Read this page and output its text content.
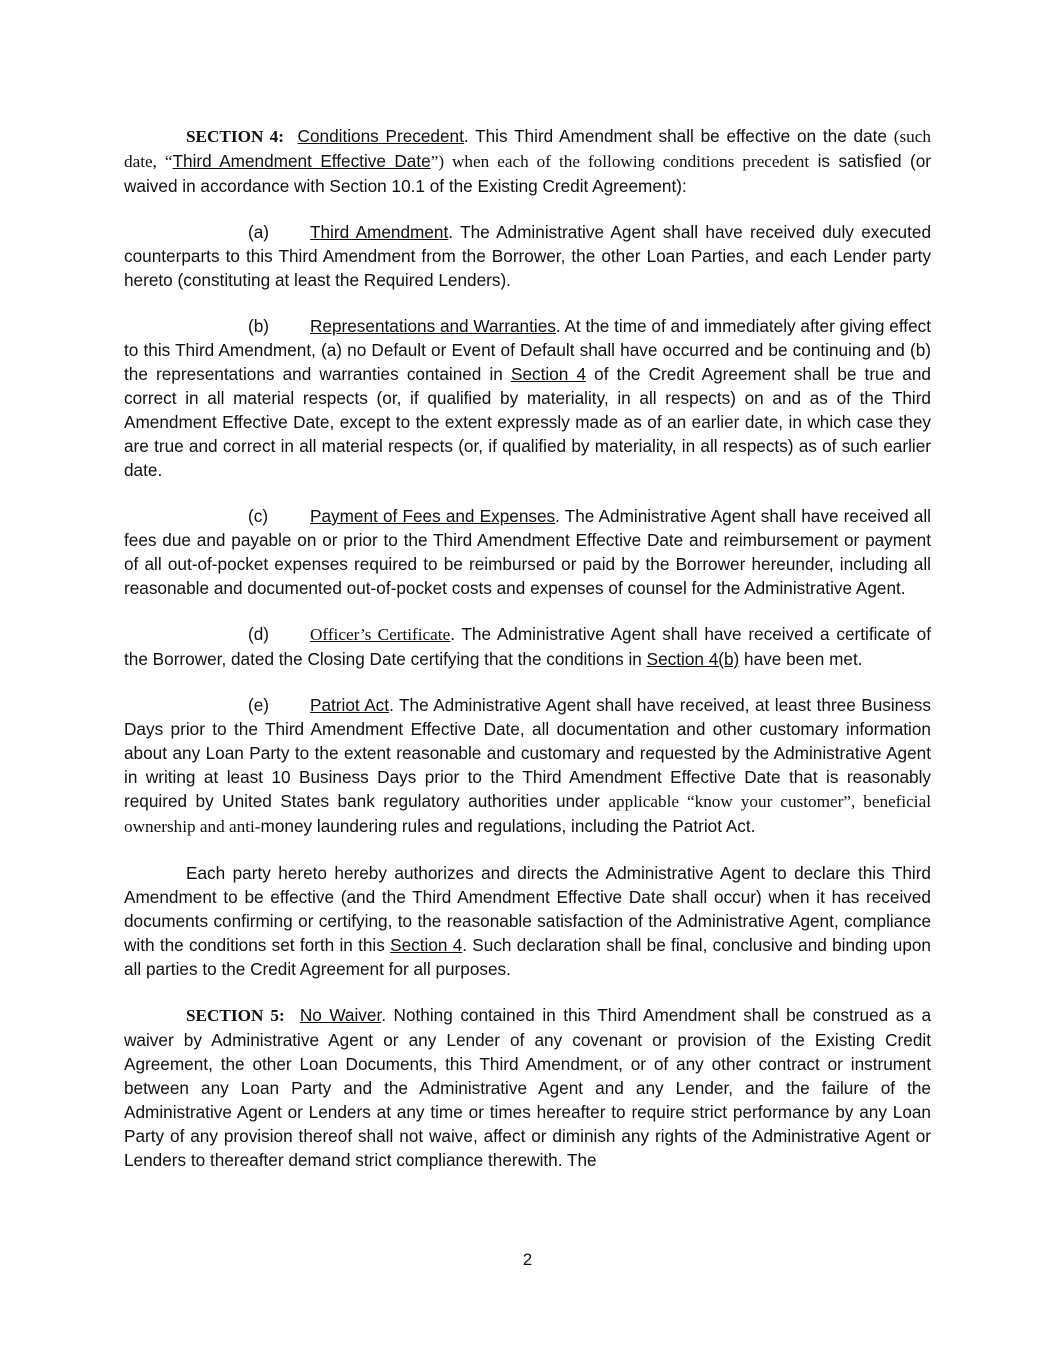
SECTION 4: Conditions Precedent. This Third Amendment shall be effective on the date (such date, “Third Amendment Effective Date”) when each of the following conditions precedent is satisfied (or waived in accordance with Section 10.1 of the Existing Credit Agreement):

(a) Third Amendment. The Administrative Agent shall have received duly executed counterparts to this Third Amendment from the Borrower, the other Loan Parties, and each Lender party hereto (constituting at least the Required Lenders).

(b) Representations and Warranties. At the time of and immediately after giving effect to this Third Amendment, (a) no Default or Event of Default shall have occurred and be continuing and (b) the representations and warranties contained in Section 4 of the Credit Agreement shall be true and correct in all material respects (or, if qualified by materiality, in all respects) on and as of the Third Amendment Effective Date, except to the extent expressly made as of an earlier date, in which case they are true and correct in all material respects (or, if qualified by materiality, in all respects) as of such earlier date.

(c) Payment of Fees and Expenses. The Administrative Agent shall have received all fees due and payable on or prior to the Third Amendment Effective Date and reimbursement or payment of all out-of-pocket expenses required to be reimbursed or paid by the Borrower hereunder, including all reasonable and documented out-of-pocket costs and expenses of counsel for the Administrative Agent.

(d) Officer’s Certificate. The Administrative Agent shall have received a certificate of the Borrower, dated the Closing Date certifying that the conditions in Section 4(b) have been met.

(e) Patriot Act. The Administrative Agent shall have received, at least three Business Days prior to the Third Amendment Effective Date, all documentation and other customary information about any Loan Party to the extent reasonable and customary and requested by the Administrative Agent in writing at least 10 Business Days prior to the Third Amendment Effective Date that is reasonably required by United States bank regulatory authorities under applicable “know your customer”, beneficial ownership and anti-money laundering rules and regulations, including the Patriot Act.

Each party hereto hereby authorizes and directs the Administrative Agent to declare this Third Amendment to be effective (and the Third Amendment Effective Date shall occur) when it has received documents confirming or certifying, to the reasonable satisfaction of the Administrative Agent, compliance with the conditions set forth in this Section 4. Such declaration shall be final, conclusive and binding upon all parties to the Credit Agreement for all purposes.

SECTION 5: No Waiver. Nothing contained in this Third Amendment shall be construed as a waiver by Administrative Agent or any Lender of any covenant or provision of the Existing Credit Agreement, the other Loan Documents, this Third Amendment, or of any other contract or instrument between any Loan Party and the Administrative Agent and any Lender, and the failure of the Administrative Agent or Lenders at any time or times hereafter to require strict performance by any Loan Party of any provision thereof shall not waive, affect or diminish any rights of the Administrative Agent or Lenders to thereafter demand strict compliance therewith. The

2
